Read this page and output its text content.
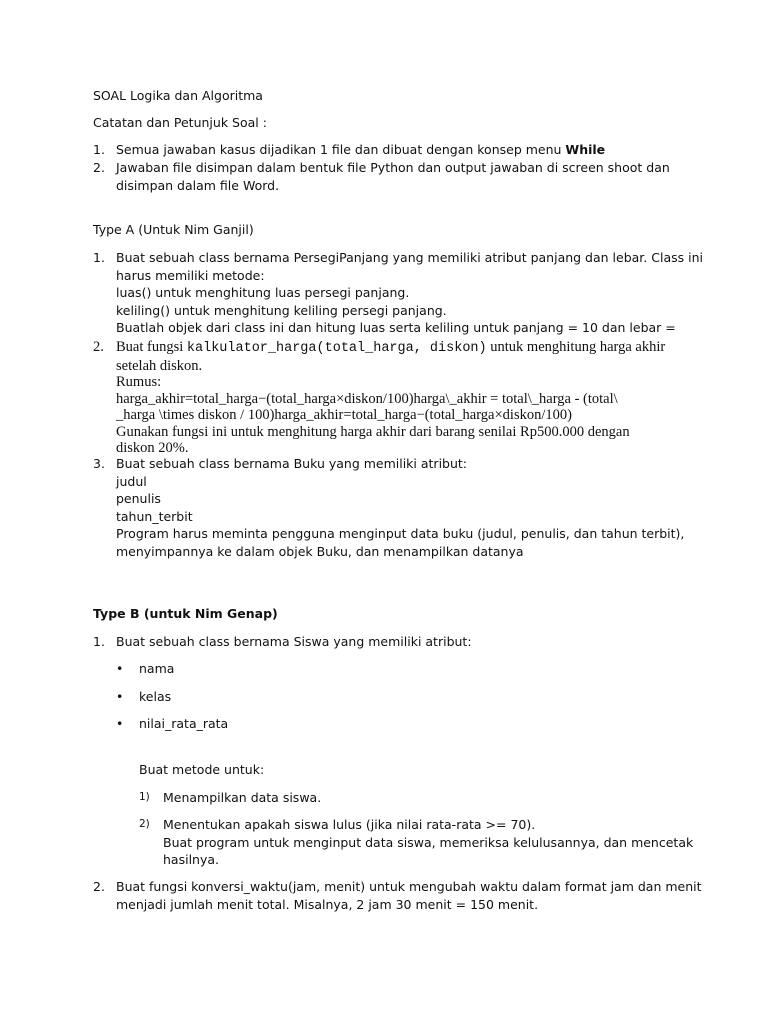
SOAL Logika dan Algoritma
Catatan dan Petunjuk Soal :
1. Semua jawaban kasus dijadikan 1 file dan dibuat dengan konsep menu While

2. Jawaban file disimpan dalam bentuk file Python dan output jawaban di screen shoot dan

disimpan dalam file Word.

Type A (Untuk Nim Ganjil)
1. Buat sebuah class bernama PersegiPanjang yang memiliki atribut panjang dan lebar. Class ini

harus memiliki metode:

luas() untuk menghitung luas persegi panjang.

keliling() untuk menghitung keliling persegi panjang.

Buatlah objek dari class ini dan hitung luas serta keliling untuk panjang = 10 dan lebar =

2. Buat fungsi kalkulator_harga(total_harga, diskon) untuk menghitung harga akhir

setelah diskon.

Rumus:

harga_akhir=total_harga−(total_harga×diskon/100)harga\_akhir = total\_harga - (total\

_harga \times diskon / 100)harga_akhir=total_harga−(total_harga×diskon/100)

Gunakan fungsi ini untuk menghitung harga akhir dari barang senilai Rp500.000 dengan

diskon 20%.

3. Buat sebuah class bernama Buku yang memiliki atribut:

judul

penulis

tahun_terbit

Program harus meminta pengguna menginput data buku (judul, penulis, dan tahun terbit),

menyimpannya ke dalam objek Buku, dan menampilkan datanya

Type B (untuk Nim Genap)
1. Buat sebuah class bernama Siswa yang memiliki atribut:

• nama
• kelas
• nilai_rata_rata
Buat metode untuk:
1) Menampilkan data siswa.

2) Menentukan apakah siswa lulus (jika nilai rata-rata >= 70).

Buat program untuk menginput data siswa, memeriksa kelulusannya, dan mencetak

hasilnya.

2. Buat fungsi konversi_waktu(jam, menit) untuk mengubah waktu dalam format jam dan menit

menjadi jumlah menit total. Misalnya, 2 jam 30 menit = 150 menit.
